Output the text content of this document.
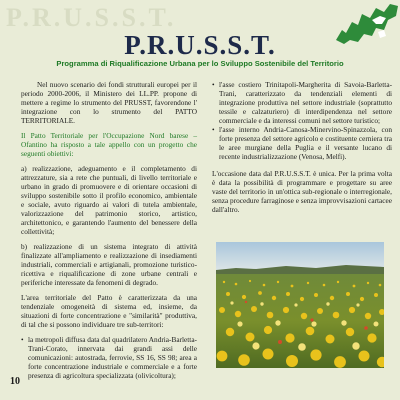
P.R.U.S.S.T.
P.R.U.S.S.T.
Programma di Riqualificazione Urbana per lo Sviluppo Sostenibile del Territorio

Nel nuovo scenario dei fondi strutturali europei per il periodo 2000-2006, il Ministero dei LL.PP. propone di mettere a regime lo strumento del PRUSST, favorendone l' integrazione con lo strumento del PATTO TERRITORIALE.

Il Patto Territoriale per l'Occupazione Nord barese – Ofantino ha risposto a tale appello con un progetto che seguenti obiettivi:

a) realizzazione, adeguamento e il completamento di attrezzature, sia a rete che puntuali, di livello territoriale e urbano in grado di promuovere e di orientare occasioni di sviluppo sostenibile sotto il profilo economico, ambientale e sociale, avuto riguardo ai valori di tutela ambientale, valorizzazione del patrimonio storico, artistico, architettonico, e garantendo l'aumento del benessere della collettività;

b) realizzazione di un sistema integrato di attività finalizzate all'ampliamento e realizzazione di insediamenti industriali, commerciali e artigianali, promozione turistico-ricettiva e riqualificazione di zone urbane centrali e periferiche interessate da fenomeni di degrado.

L'area territoriale del Patto è caratterizzata da una tendenziale omogeneità di sistema ed, insieme, da situazioni di forte concentrazione e "similarità" produttiva, di tal che si possono individuare tre sub-territori:

• la metropoli diffusa data dal quadrilatero Andria-Barletta-Trani-Corato, innervata dai grandi assi delle comunicazioni: autostrada, ferrovie, SS 16, SS 98; area a forte concentrazione industriale e commerciale e a forte presenza di agricoltura specializzata (olivicoltura);
• l'asse costiero Trinitapoli-Margherita di Savoia-Barletta-Trani, caratterizzato da tendenziali elementi di integrazione produttiva nel settore industriale (soprattutto tessile e calzaturiero) di interdipendenza nel settore commerciale e da interessi comuni nel settore turistico;
• l'asse interno Andria-Canosa-Minervino-Spinazzola, con forte presenza del settore agricolo e costituente cerniera tra le aree murgiane della Puglia e il versante lucano di recente industrializzazione (Venosa, Melfi).

L'occasione data dal P.R.U.S.S.T. è unica. Per la prima volta è data la possibilità di programmare e progettare su aree vaste del territorio in un'ottica sub-regionale o interregionale, senza procedure farraginose e senza improvvisazioni cartacee dall'altro.

10
